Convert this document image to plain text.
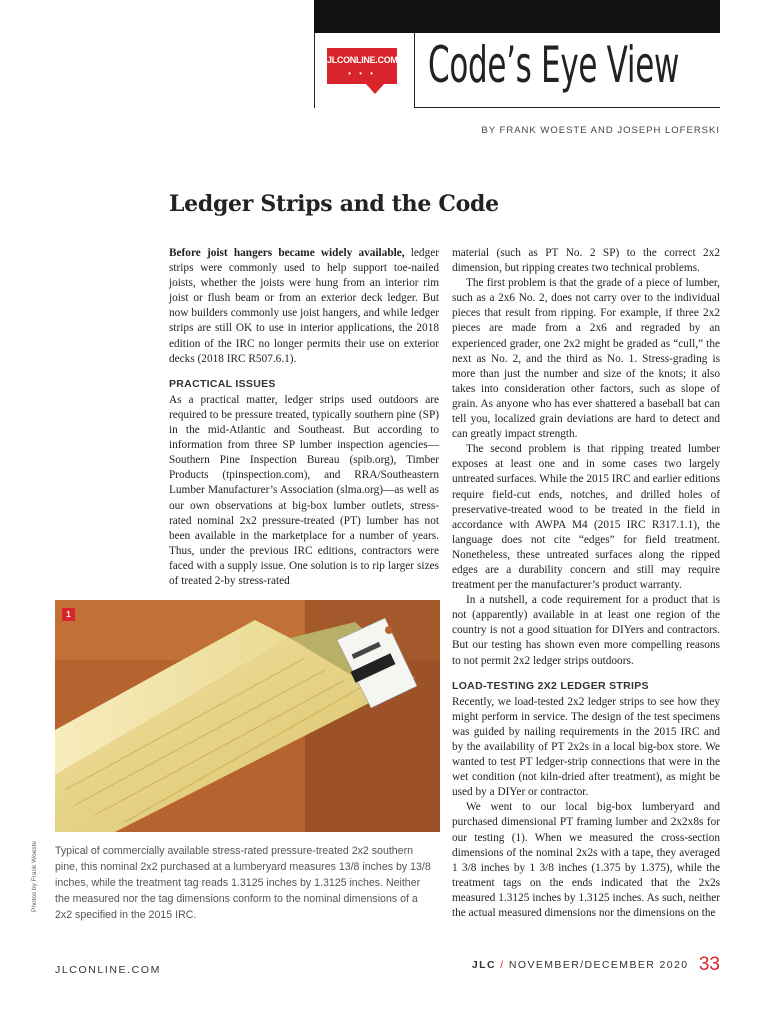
JLCONLINE.COM
• • •	Code’s Eye View
BY FRANK WOESTE AND JOSEPH LOFERSKI
Ledger Strips and the Code

Before joist hangers became widely available, ledger strips were commonly used to help support toe-nailed joists, whether the joists were hung from an interior rim joist or flush beam or from an exterior deck ledger. But now builders commonly use joist hangers, and while ledger strips are still OK to use in interior applications, the 2018 edition of the IRC no longer permits their use on exterior decks (2018 IRC R507.6.1).

PRACTICAL ISSUES

As a practical matter, ledger strips used outdoors are required to be pressure treated, typically southern pine (SP) in the mid-Atlantic and Southeast. But according to information from three SP lumber inspection agencies—Southern Pine Inspection Bureau (spib.org), Timber Products (tpinspection.com), and RRA/Southeastern Lumber Manufacturer’s Association (slma.org)—as well as our own observations at big-box lumber outlets, stress-rated nominal 2x2 pressure-treated (PT) lumber has not been available in the marketplace for a number of years. Thus, under the previous IRC editions, contractors were faced with a supply issue. One solution is to rip larger sizes of treated 2-by stress-rated

material (such as PT No. 2 SP) to the correct 2x2 dimension, but ripping creates two technical problems.

The first problem is that the grade of a piece of lumber, such as a 2x6 No. 2, does not carry over to the individual pieces that result from ripping. For example, if three 2x2 pieces are made from a 2x6 and regraded by an experienced grader, one 2x2 might be graded as “cull,” the next as No. 2, and the third as No. 1. Stress-grading is more than just the number and size of the knots; it also takes into consideration other factors, such as slope of grain. As anyone who has ever shattered a baseball bat can tell you, localized grain deviations are hard to detect and can greatly impact strength.

The second problem is that ripping treated lumber exposes at least one and in some cases two largely untreated surfaces. While the 2015 IRC and earlier editions require field-cut ends, notches, and drilled holes of preservative-treated wood to be treated in the field in accordance with AWPA M4 (2015 IRC R317.1.1), the language does not cite “edges” for field treatment. Nonetheless, these untreated surfaces along the ripped edges are a durability concern and still may require treatment per the manufacturer’s product warranty.

In a nutshell, a code requirement for a product that is not (apparently) available in at least one region of the country is not a good situation for DIYers and contractors. But our testing has shown even more compelling reasons to not permit 2x2 ledger strips outdoors.

LOAD-TESTING 2X2 LEDGER STRIPS

Recently, we load-tested 2x2 ledger strips to see how they might perform in service. The design of the test specimens was guided by nailing requirements in the 2015 IRC and by the availability of PT 2x2s in a local big-box store. We wanted to test PT ledger-strip connections that were in the wet condition (not kiln-dried after treatment), as might be used by a DIYer or contractor.

We went to our local big-box lumberyard and purchased dimensional PT framing lumber and 2x2x8s for our testing (1). When we measured the cross-section dimensions of the nominal 2x2s with a tape, they averaged 1 3/8 inches by 1 3/8 inches (1.375 by 1.375), while the treatment tags on the ends indicated that the 2x2s measured 1.3125 inches by 1.3125 inches. As such, neither the actual measured dimensions nor the dimensions on the

1
Photos by Frank Woeste Typical of commercially available stress-rated pressure-treated 2x2 southern pine, this nominal 2x2 purchased at a lumberyard measures 13/8 inches by 13/8 inches, while the treatment tag reads 1.3125 inches by 1.3125 inches. Neither the measured nor the tag dimensions conform to the nominal dimensions of a 2x2 specified in the 2015 IRC.
JLCONLINE.COM	JLC / NOVEMBER/DECEMBER 2020 33
